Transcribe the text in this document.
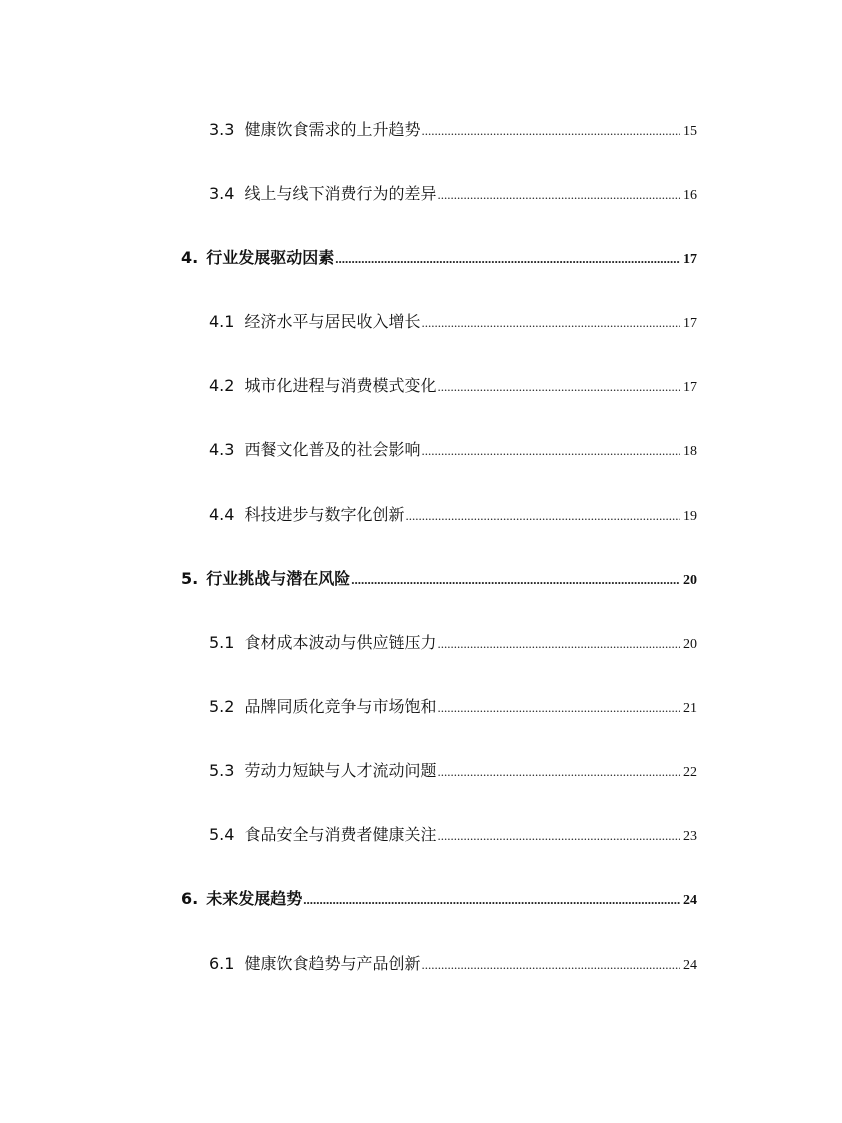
3.3 健康饮食需求的上升趋势 .....	15
3.4 线上与线下消费行为的差异 .....	16
4. 行业发展驱动因素 .....	17
4.1 经济水平与居民收入增长 .....	17
4.2 城市化进程与消费模式变化 .....	17
4.3 西餐文化普及的社会影响 .....	18
4.4 科技进步与数字化创新 .....	19
5. 行业挑战与潜在风险 .....	20
5.1 食材成本波动与供应链压力 .....	20
5.2 品牌同质化竞争与市场饱和 .....	21
5.3 劳动力短缺与人才流动问题 .....	22
5.4 食品安全与消费者健康关注 .....	23
6. 未来发展趋势 .....	24
6.1 健康饮食趋势与产品创新 .....	24
